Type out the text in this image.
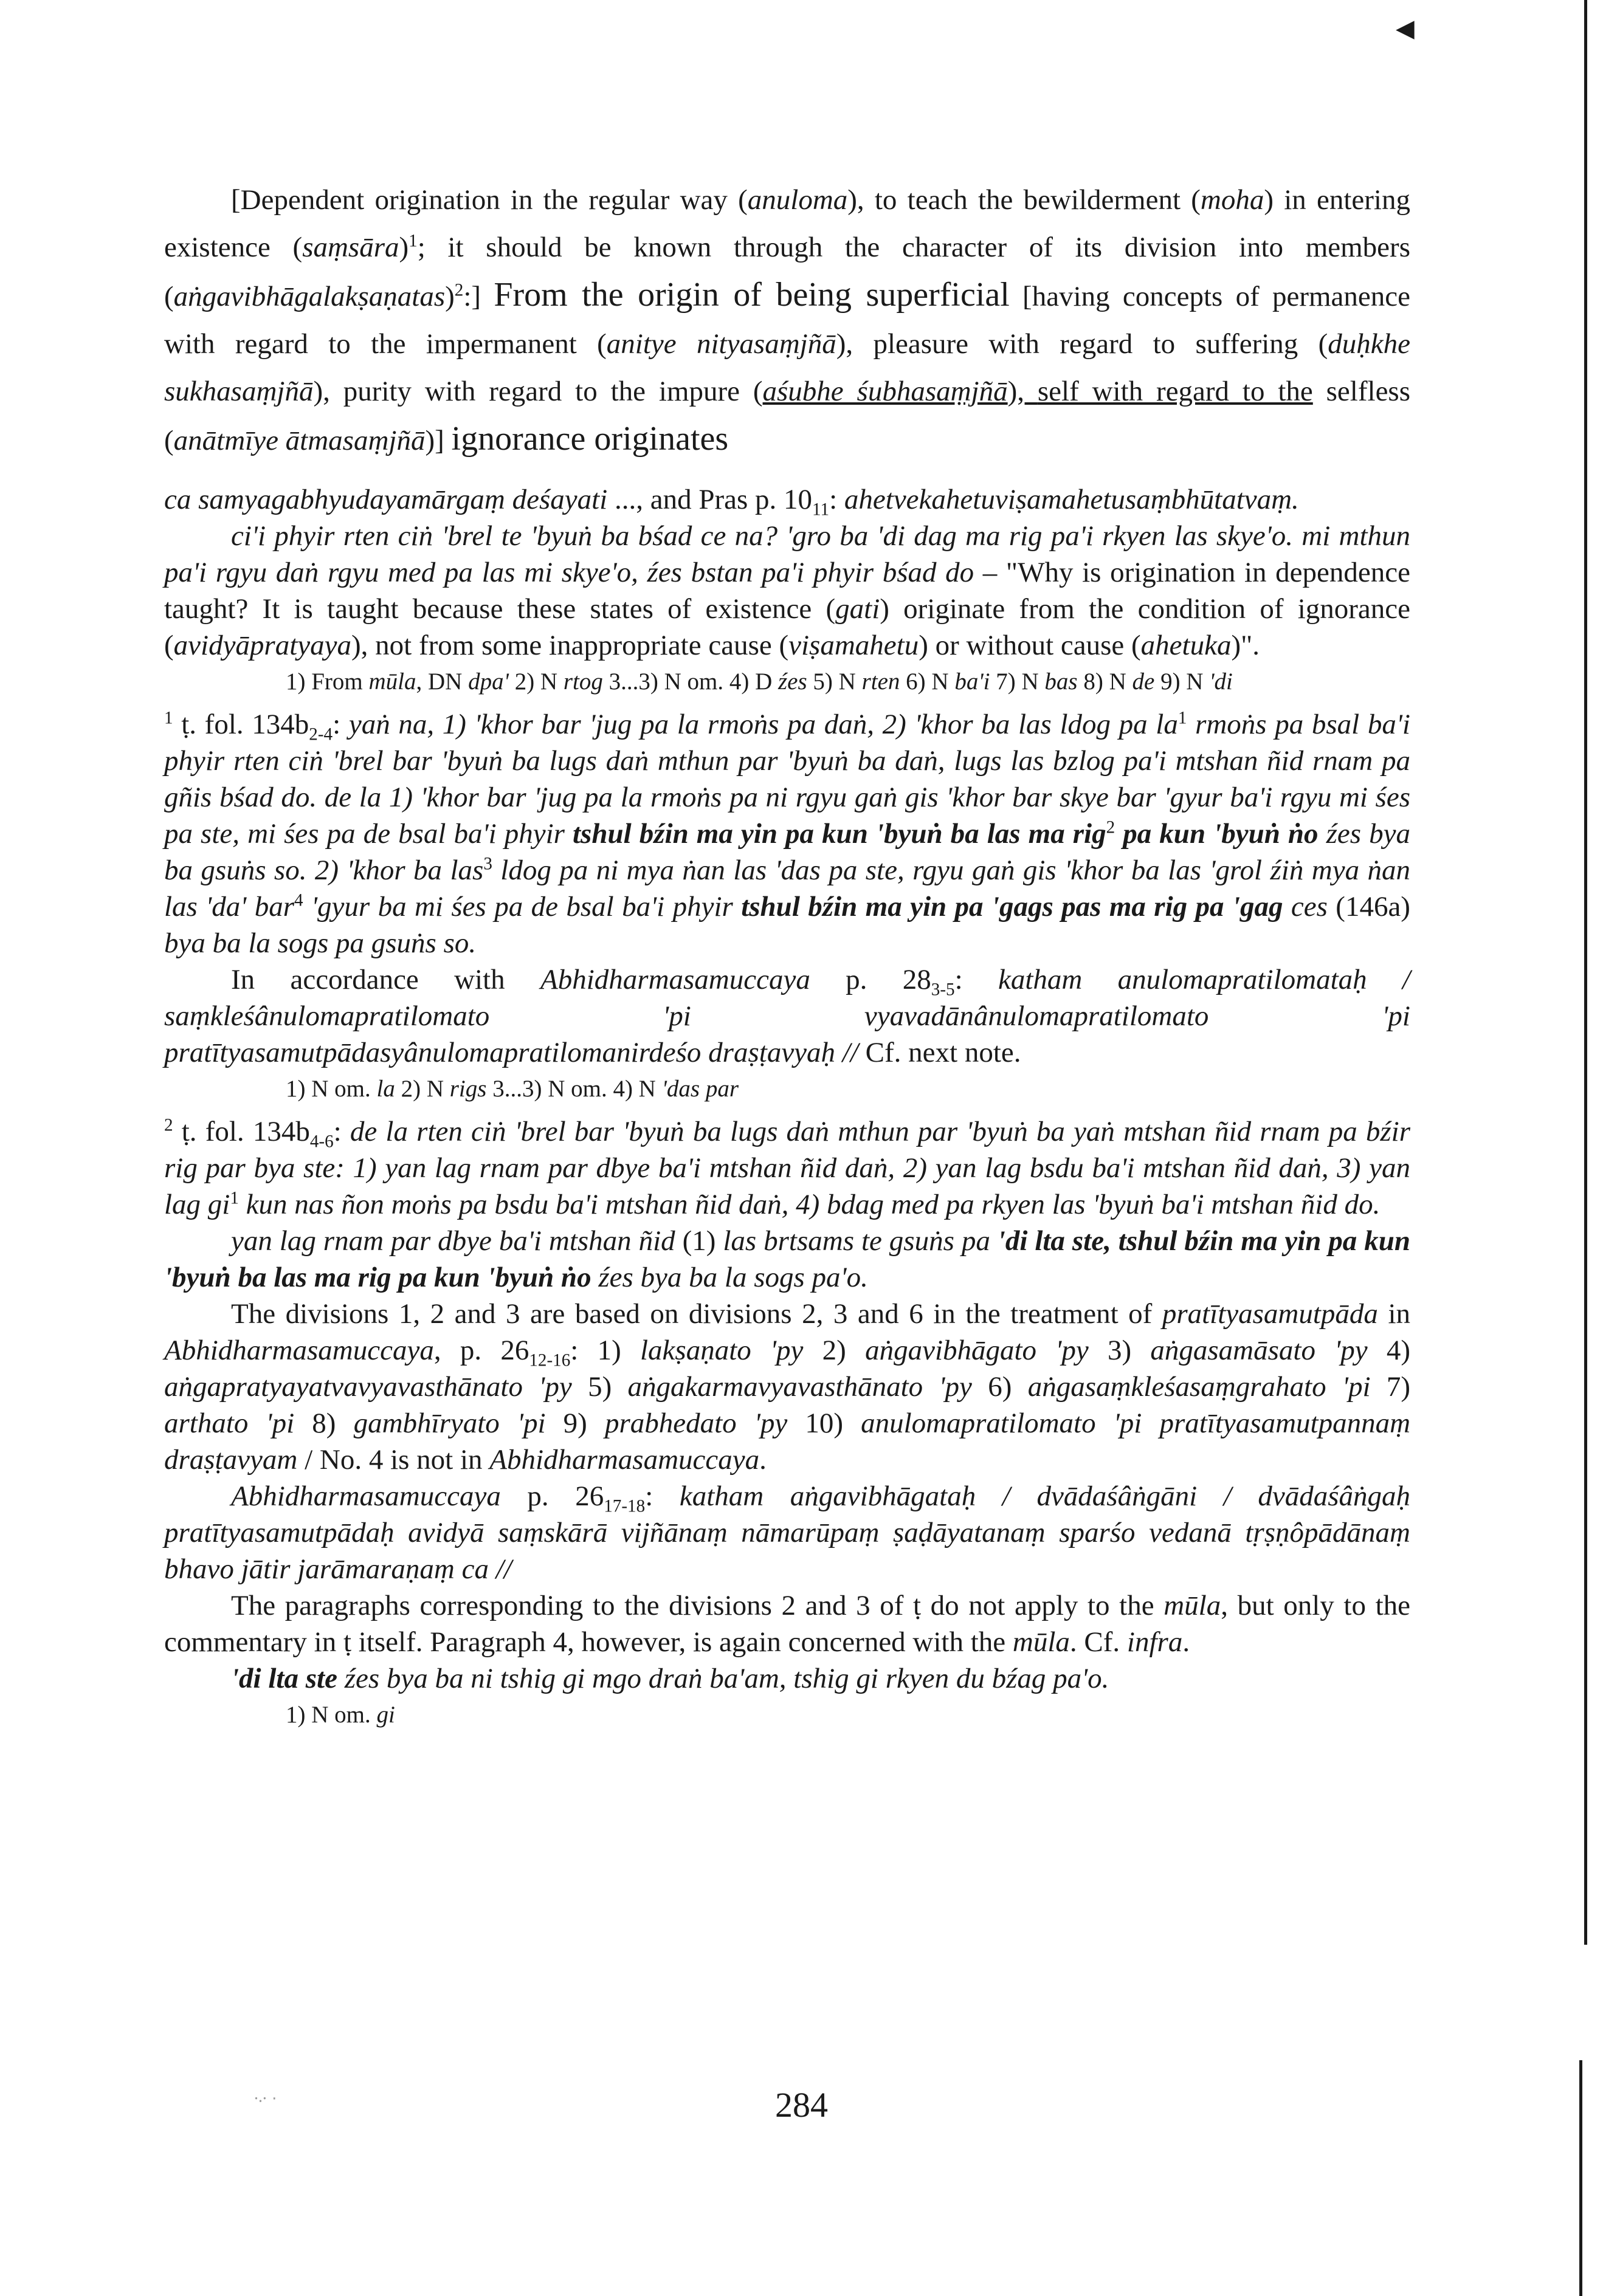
◀

[Dependent origination in the regular way (anuloma), to teach the bewilderment (moha) in entering existence (saṃsāra)$^1$; it should be known through the character of its division into members (aṅgavibhāgalakṣaṇatas)$^2$:] From the origin of being superficial [having concepts of permanence with regard to the impermanent (anitye nityasaṃjñā), pleasure with regard to suffering (duḥkhe sukhasaṃjñā), purity with regard to the impure (aśubhe śubhasaṃjñā), self with regard to the selfless (anātmīye ātmasaṃjñā)] ignorance originates

ca samyagabhyudayamārgaṃ deśayati ..., and Pras p. $10_{11}$: ahetvekahetuviṣamahetusaṃbhūtatvaṃ.

ci'i phyir rten ciṅ 'brel te 'byuṅ ba bśad ce na? 'gro ba 'di dag ma rig pa'i rkyen las skye'o. mi mthun pa'i rgyu daṅ rgyu med pa las mi skye'o, źes bstan pa'i phyir bśad do – "Why is origination in dependence taught? It is taught because these states of existence (gati) originate from the condition of ignorance (avidyāpratyaya), not from some inappropriate cause (viṣamahetu) or without cause (ahetuka)".

1) From mūla, DN dpa' 2) N rtog 3...3) N om. 4) D źes 5) N rten 6) N ba'i 7) N bas 8) N de 9) N 'di

$^1$ ṭ. fol. $134b_{2-4}$: yaṅ na, 1) 'khor bar 'jug pa la rmoṅs pa daṅ, 2) 'khor ba las ldog pa $la^1$ rmoṅs pa bsal ba'i phyir rten ciṅ 'brel bar 'byuṅ ba lugs daṅ mthun par 'byuṅ ba daṅ, lugs las bzlog pa'i mtshan ñid rnam pa gñis bśad do. de la 1) 'khor bar 'jug pa la rmoṅs pa ni rgyu gaṅ gis 'khor bar skye bar 'gyur ba'i rgyu mi śes pa ste, mi śes pa de bsal ba'i phyir tshul bźin ma yin pa kun 'byuṅ ba las ma rig$^2$ pa kun 'byuṅ ṅo źes bya ba gsuṅs so. 2) 'khor ba las$^3$ ldog pa ni mya ṅan las 'das pa ste, rgyu gaṅ gis 'khor ba las 'grol źiṅ mya ṅan las 'da' bar$^4$ 'gyur ba mi śes pa de bsal ba'i phyir tshul bźin ma yin pa 'gags pas ma rig pa 'gag ces (146a) bya ba la sogs pa gsuṅs so.

In accordance with Abhidharmasamuccaya p. $28_{3-5}$: katham anulomapratilomataḥ / saṃkleśânulomapratilomato 'pi vyavadānânulomapratilomato 'pi pratītyasamutpādasyânulomapratilomanirdeśo draṣṭavyaḥ // Cf. next note.

1) N om. la 2) N rigs 3...3) N om. 4) N 'das par

$^2$ ṭ. fol. $134b_{4-6}$: de la rten ciṅ 'brel bar 'byuṅ ba lugs daṅ mthun par 'byuṅ ba yaṅ mtshan ñid rnam pa bźir rig par bya ste: 1) yan lag rnam par dbye ba'i mtshan ñid daṅ, 2) yan lag bsdu ba'i mtshan ñid daṅ, 3) yan lag $gi^1$ kun nas ñon moṅs pa bsdu ba'i mtshan ñid daṅ, 4) bdag med pa rkyen las 'byuṅ ba'i mtshan ñid do.

yan lag rnam par dbye ba'i mtshan ñid (1) las brtsams te gsuṅs pa 'di lta ste, tshul bźin ma yin pa kun 'byuṅ ba las ma rig pa kun 'byuṅ ṅo źes bya ba la sogs pa'o.

The divisions 1, 2 and 3 are based on divisions 2, 3 and 6 in the treatment of pratītyasamutpāda in Abhidharmasamuccaya, p. $26_{12-16}$: 1) lakṣaṇato 'py 2) aṅgavibhāgato 'py 3) aṅgasamāsato 'py 4) aṅgapratyayatvavyavasthānato 'py 5) aṅgakarmavyavasthānato 'py 6) aṅgasaṃkleśasaṃgrahato 'pi 7) arthato 'pi 8) gambhīryato 'pi 9) prabhedato 'py 10) anulomapratilomato 'pi pratītyasamutpannaṃ draṣṭavyam / No. 4 is not in Abhidharmasamuccaya.

Abhidharmasamuccaya p. $26_{17-18}$: katham aṅgavibhāgataḥ / dvādaśâṅgāni / dvādaśâṅgaḥ pratītyasamutpādaḥ avidyā saṃskārā vijñānaṃ nāmarūpaṃ ṣaḍāyatanaṃ sparśo vedanā tṛṣṇôpādānaṃ bhavo jātir jarāmaraṇaṃ ca //

The paragraphs corresponding to the divisions 2 and 3 of ṭ do not apply to the mūla, but only to the commentary in ṭ itself. Paragraph 4, however, is again concerned with the mūla. Cf. infra.

'di lta ste źes bya ba ni tshig gi mgo draṅ ba'am, tshig gi rkyen du bźag pa'o.

1) N om. gi

⸱⸳⸱ ·	284
